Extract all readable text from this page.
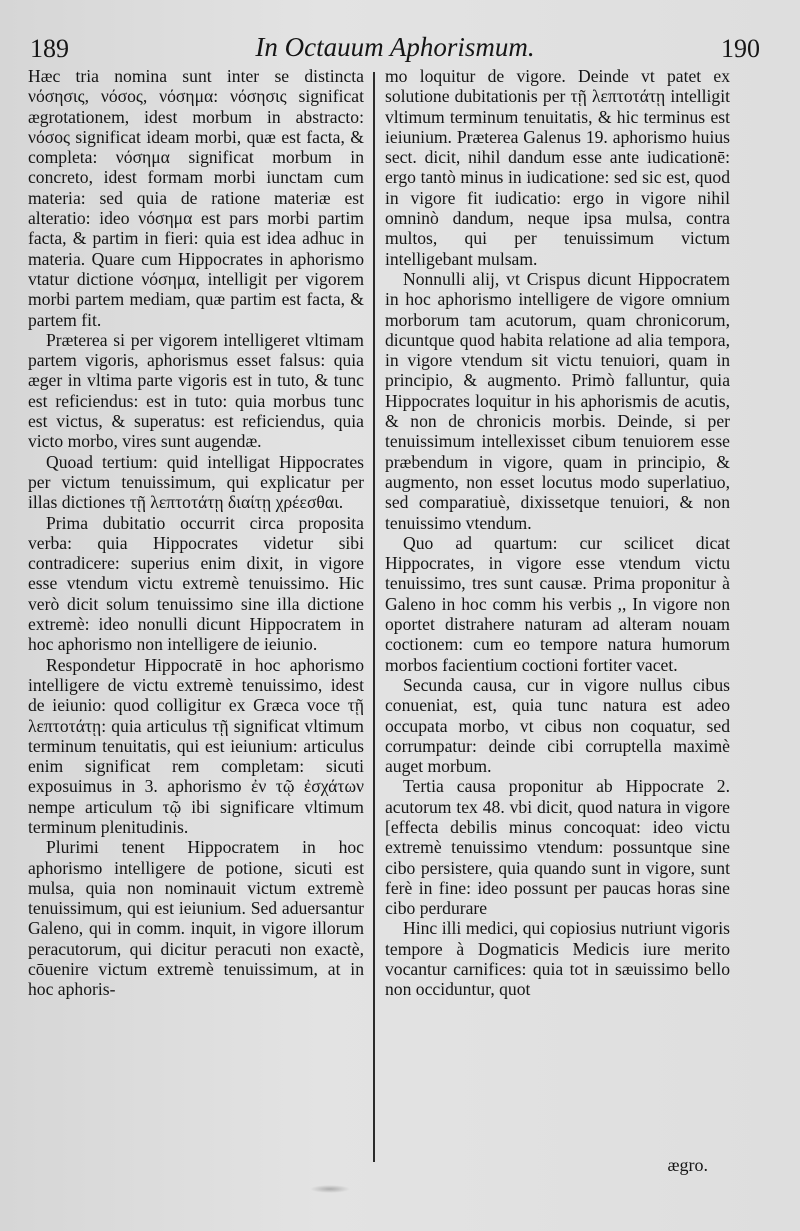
189	In Octauum Aphorismum.	190

Hæc tria nomina sunt inter se distincta νόσησις, νόσος, νόσημα: νόσησις significat ægrotationem, idest morbum in abstracto: νόσος significat ideam morbi, quæ est facta, & completa: νόσημα significat morbum in concreto, idest formam morbi iunctam cum materia: sed quia de ratione materiæ est alteratio: ideo νόσημα est pars morbi partim facta, & partim in fieri: quia est idea adhuc in materia. Quare cum Hippocrates in aphorismo vtatur dictione νόσημα, intelligit per vigorem morbi partem mediam, quæ partim est facta, & partem fit.

Præterea si per vigorem intelligeret vltimam partem vigoris, aphorismus esset falsus: quia æger in vltima parte vigoris est in tuto, & tunc est reficiendus: est in tuto: quia morbus tunc est victus, & superatus: est reficiendus, quia victo morbo, vires sunt augendæ.

Quoad tertium: quid intelligat Hippocrates per victum tenuissimum, qui explicatur per illas dictiones τῇ λεπτοτάτῃ διαίτῃ χρέεσθαι.

Prima dubitatio occurrit circa proposita verba: quia Hippocrates videtur sibi contradicere: superius enim dixit, in vigore esse vtendum victu extremè tenuissimo. Hic verò dicit solum tenuissimo sine illa dictione extremè: ideo nonulli dicunt Hippocratem in hoc aphorismo non intelligere de ieiunio.

Respondetur Hippocratē in hoc aphorismo intelligere de victu extremè tenuissimo, idest de ieiunio: quod colligitur ex Græca voce τῇ λεπτοτάτῃ: quia articulus τῇ significat vltimum terminum tenuitatis, qui est ieiunium: articulus enim significat rem completam: sicuti exposuimus in 3. aphorismo ἐν τῷ ἐσχάτων nempe articulum τῷ ibi significare vltimum terminum plenitudinis.

Plurimi tenent Hippocratem in hoc aphorismo intelligere de potione, sicuti est mulsa, quia non nominauit victum extremè tenuissimum, qui est ieiunium. Sed aduersantur Galeno, qui in comm. inquit, in vigore illorum peracutorum, qui dicitur peracuti non exactè, cōuenire victum extremè tenuissimum, at in hoc aphoris-

mo loquitur de vigore. Deinde vt patet ex solutione dubitationis per τῇ λεπτοτάτῃ intelligit vltimum terminum tenuitatis, & hic terminus est ieiunium. Præterea Galenus 19. aphorismo huius sect. dicit, nihil dandum esse ante iudicationē: ergo tantò minus in iudicatione: sed sic est, quod in vigore fit iudicatio: ergo in vigore nihil omninò dandum, neque ipsa mulsa, contra multos, qui per tenuissimum victum intelligebant mulsam.

Nonnulli alij, vt Crispus dicunt Hippocratem in hoc aphorismo intelligere de vigore omnium morborum tam acutorum, quam chronicorum, dicuntque quod habita relatione ad alia tempora, in vigore vtendum sit victu tenuiori, quam in principio, & augmento. Primò falluntur, quia Hippocrates loquitur in his aphorismis de acutis, & non de chronicis morbis. Deinde, si per tenuissimum intellexisset cibum tenuiorem esse præbendum in vigore, quam in principio, & augmento, non esset locutus modo superlatiuo, sed comparatiuè, dixissetque tenuiori, & non tenuissimo vtendum.

Quo ad quartum: cur scilicet dicat Hippocrates, in vigore esse vtendum victu tenuissimo, tres sunt causæ. Prima proponitur à Galeno in hoc comm his verbis ,, In vigore non oportet distrahere naturam ad alteram nouam coctionem: cum eo tempore natura humorum morbos facientium coctioni fortiter vacet.

Secunda causa, cur in vigore nullus cibus conueniat, est, quia tunc natura est adeo occupata morbo, vt cibus non coquatur, sed corrumpatur: deinde cibi corruptella maximè auget morbum.

Tertia causa proponitur ab Hippocrate 2. acutorum tex 48. vbi dicit, quod natura in vigore [effecta debilis minus concoquat: ideo victu extremè tenuissimo vtendum: possuntque sine cibo persistere, quia quando sunt in vigore, sunt ferè in fine: ideo possunt per paucas horas sine cibo perdurare

Hinc illi medici, qui copiosius nutriunt vigoris tempore à Dogmaticis Medicis iure merito vocantur carnifices: quia tot in sæuissimo bello non occiduntur, quot

ægro.
